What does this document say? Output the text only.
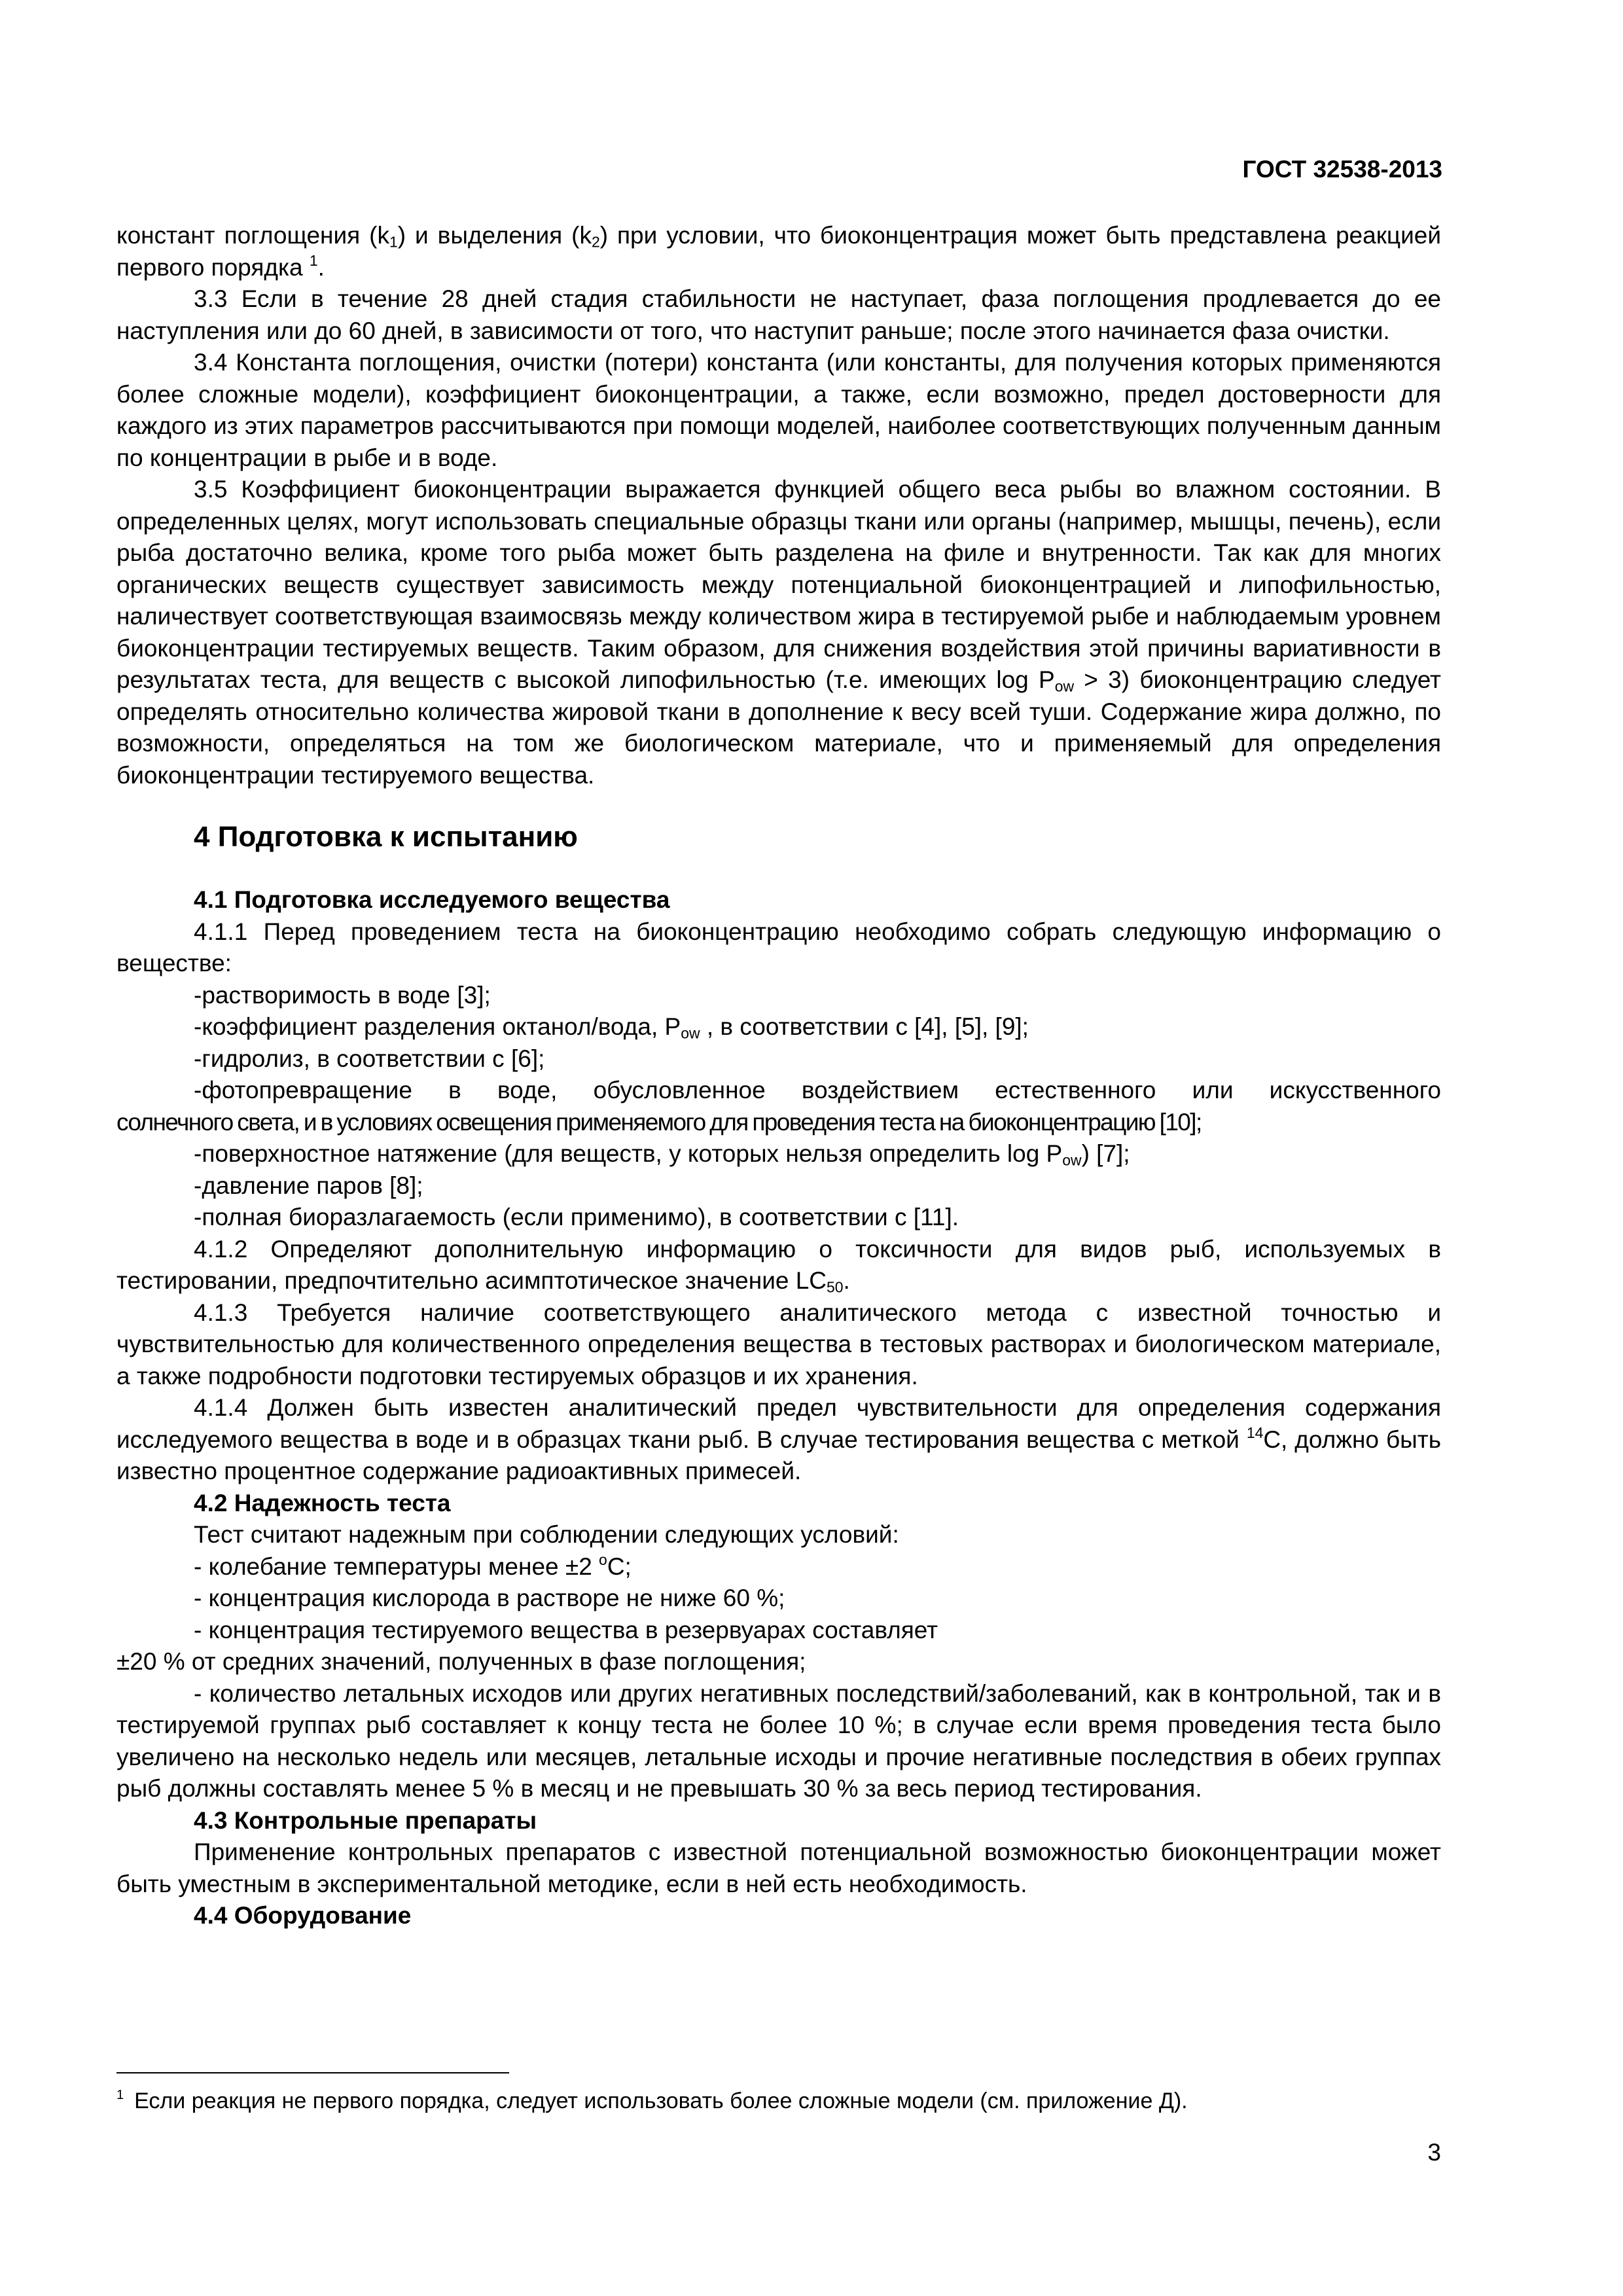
ГОСТ 32538-2013

констант поглощения $(k_1)$ и выделения $(k_2)$ при условии, что биоконцентрация может быть представлена реакцией первого порядка $^1$.

3.3 Если в течение 28 дней стадия стабильности не наступает, фаза поглощения продлевается до ее наступления или до 60 дней, в зависимости от того, что наступит раньше; после этого начинается фаза очистки.

3.4 Константа поглощения, очистки (потери) константа (или константы, для получения которых применяются более сложные модели), коэффициент биоконцентрации, а также, если возможно, предел достоверности для каждого из этих параметров рассчитываются при помощи моделей, наиболее соответствующих полученным данным по концентрации в рыбе и в воде.

3.5 Коэффициент биоконцентрации выражается функцией общего веса рыбы во влажном состоянии. В определенных целях, могут использовать специальные образцы ткани или органы (например, мышцы, печень), если рыба достаточно велика, кроме того рыба может быть разделена на филе и внутренности. Так как для многих органических веществ существует зависимость между потенциальной биоконцентрацией и липофильностью, наличествует соответствующая взаимосвязь между количеством жира в тестируемой рыбе и наблюдаемым уровнем биоконцентрации тестируемых веществ. Таким образом, для снижения воздействия этой причины вариативности в результатах теста, для веществ с высокой липофильностью (т.е. имеющих $\log P_{ow} > 3$) биоконцентрацию следует определять относительно количества жировой ткани в дополнение к весу всей туши. Содержание жира должно, по возможности, определяться на том же биологическом материале, что и применяемый для определения биоконцентрации тестируемого вещества.

4 Подготовка к испытанию

4.1 Подготовка исследуемого вещества

4.1.1 Перед проведением теста на биоконцентрацию необходимо собрать следующую информацию о веществе:

-растворимость в воде [3];

-коэффициент разделения октанол/вода, $P_{ow}$ , в соответствии с [4], [5], [9];

-гидролиз, в соответствии с [6];

-фотопревращение в воде, обусловленное воздействием естественного или искусственного
солнечного света, и в условиях освещения применяемого для проведения теста на биоконцентрацию [10];

-поверхностное натяжение (для веществ, у которых нельзя определить $\log P_{ow}$) [7];

-давление паров [8];

-полная биоразлагаемость (если применимо), в соответствии с [11].

4.1.2 Определяют дополнительную информацию о токсичности для видов рыб, используемых в тестировании, предпочтительно асимптотическое значение $LC_{50}$.

4.1.3 Требуется наличие соответствующего аналитического метода с известной точностью и чувствительностью для количественного определения вещества в тестовых растворах и биологическом материале, а также подробности подготовки тестируемых образцов и их хранения.

4.1.4 Должен быть известен аналитический предел чувствительности для определения содержания исследуемого вещества в воде и в образцах ткани рыб. В случае тестирования вещества с меткой $^{14}$С, должно быть известно процентное содержание радиоактивных примесей.

4.2 Надежность теста

Тест считают надежным при соблюдении следующих условий:

- колебание температуры менее ±2 $^о$С;

- концентрация кислорода в растворе не ниже 60 %;

- концентрация тестируемого вещества в резервуарах составляет
±20 % от средних значений, полученных в фазе поглощения;

- количество летальных исходов или других негативных последствий/заболеваний, как в контрольной, так и в тестируемой группах рыб составляет к концу теста не более 10 %; в случае если время проведения теста было увеличено на несколько недель или месяцев, летальные исходы и прочие негативные последствия в обеих группах рыб должны составлять менее 5 % в месяц и не превышать 30 % за весь период тестирования.

4.3 Контрольные препараты

Применение контрольных препаратов с известной потенциальной возможностью биоконцентрации может быть уместным в экспериментальной методике, если в ней есть необходимость.

4.4 Оборудование

$^1$ Если реакция не первого порядка, следует использовать более сложные модели (см. приложение Д).
3
